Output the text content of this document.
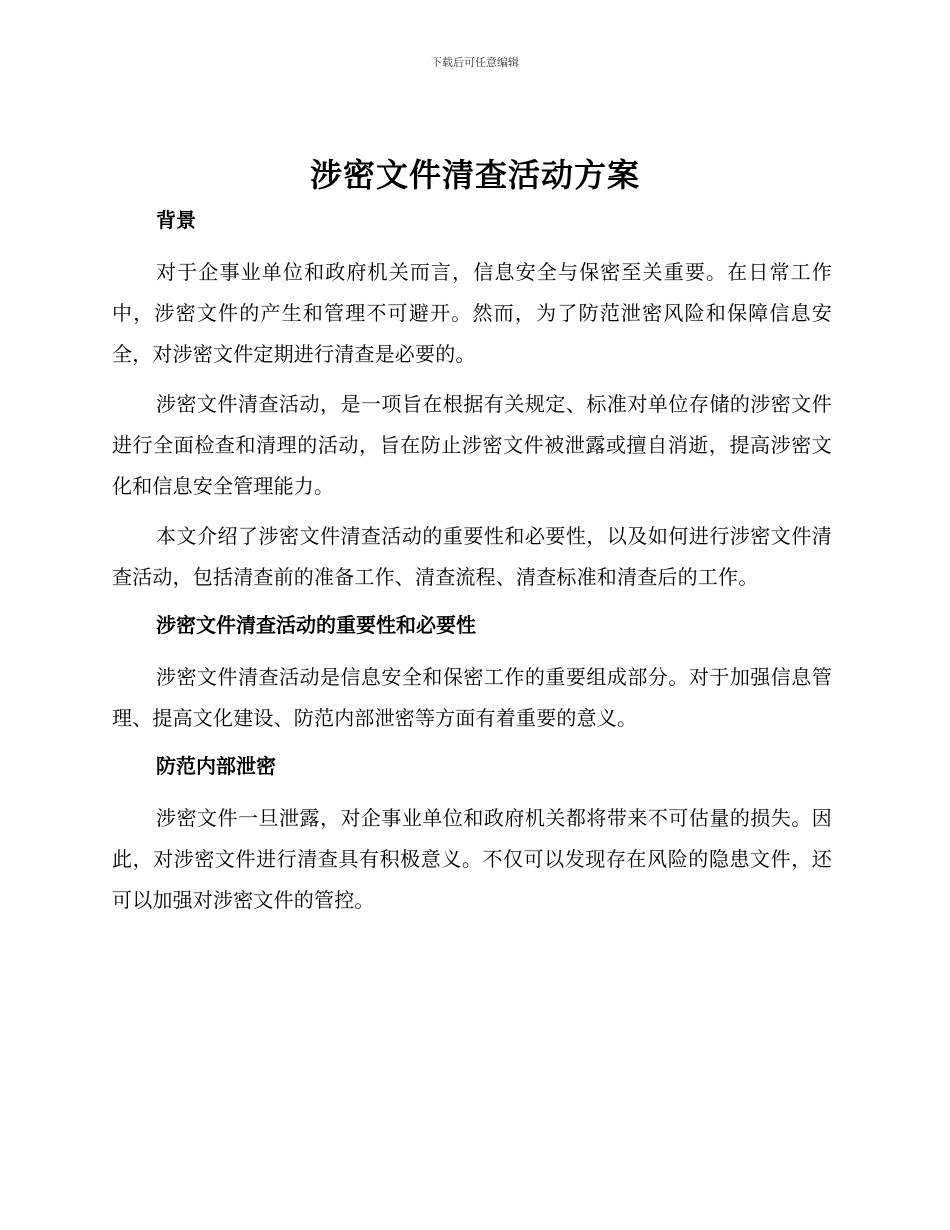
下载后可任意编辑
涉密文件清查活动方案
背景

对于企事业单位和政府机关而言，信息安全与保密至关重要。在日常工作中，涉密文件的产生和管理不可避开。然而，为了防范泄密风险和保障信息安全，对涉密文件定期进行清查是必要的。

涉密文件清查活动，是一项旨在根据有关规定、标准对单位存储的涉密文件进行全面检查和清理的活动，旨在防止涉密文件被泄露或擅自消逝，提高涉密文化和信息安全管理能力。

本文介绍了涉密文件清查活动的重要性和必要性，以及如何进行涉密文件清查活动，包括清查前的准备工作、清查流程、清查标准和清查后的工作。

涉密文件清查活动的重要性和必要性

涉密文件清查活动是信息安全和保密工作的重要组成部分。对于加强信息管理、提高文化建设、防范内部泄密等方面有着重要的意义。

防范内部泄密

涉密文件一旦泄露，对企事业单位和政府机关都将带来不可估量的损失。因此，对涉密文件进行清查具有积极意义。不仅可以发现存在风险的隐患文件，还可以加强对涉密文件的管控。
